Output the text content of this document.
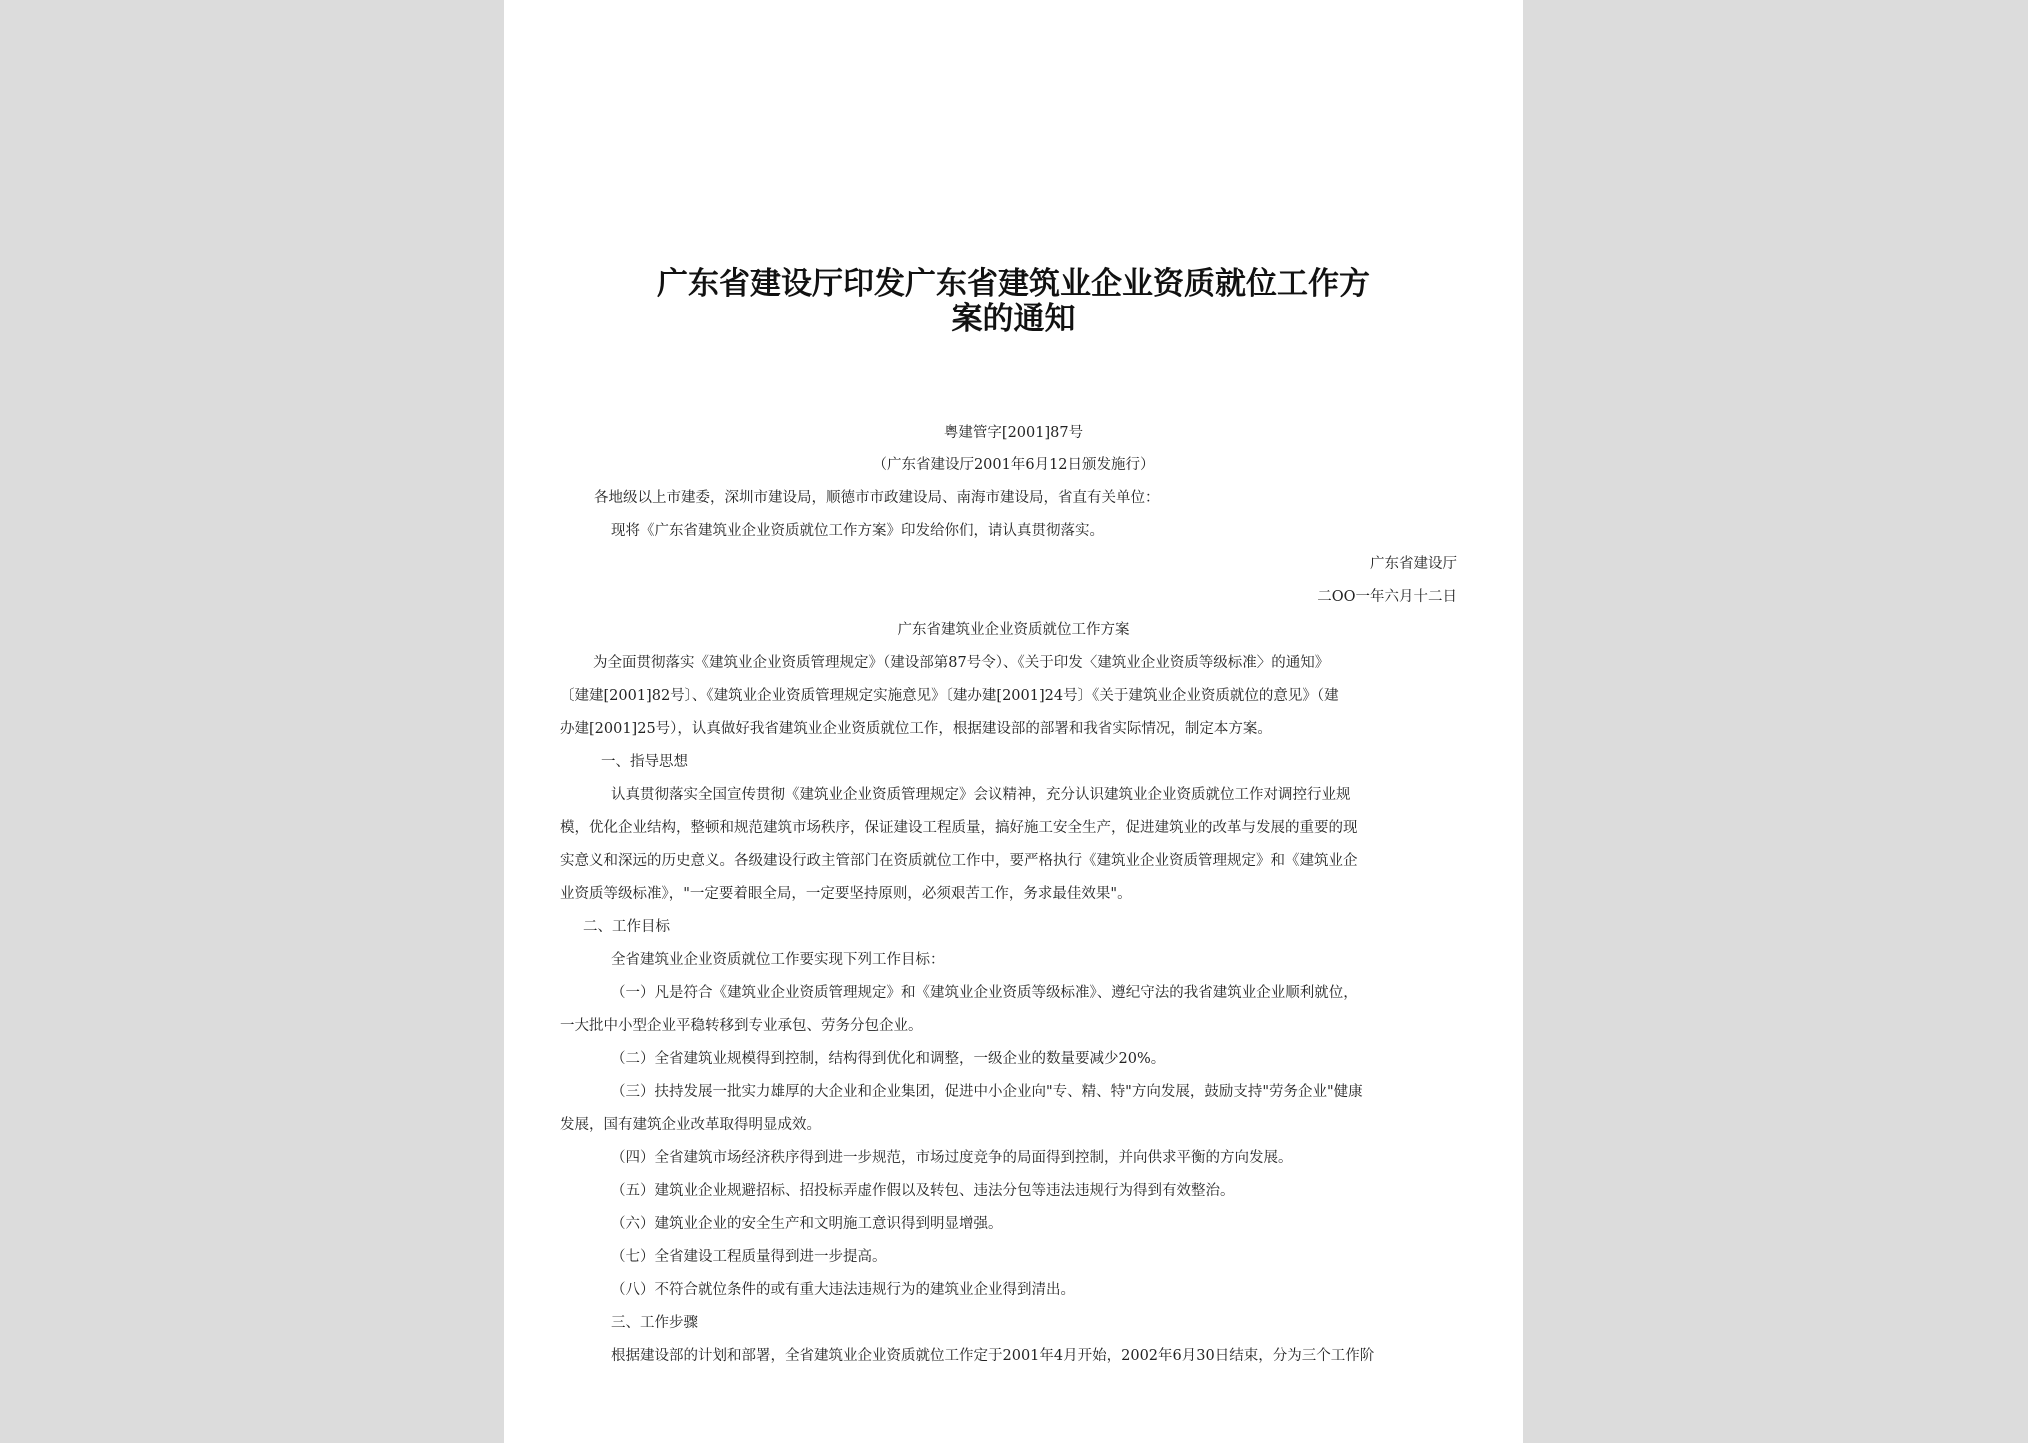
广东省建设厅印发广东省建筑业企业资质就位工作方
案的通知
粤建管字[2001]87号
（广东省建设厅2001年6月12日颁发施行）
各地级以上市建委，深圳市建设局，顺德市市政建设局、南海市建设局，省直有关单位：
现将《广东省建筑业企业资质就位工作方案》印发给你们，请认真贯彻落实。
广东省建设厅
二OO一年六月十二日
广东省建筑业企业资质就位工作方案
为全面贯彻落实《建筑业企业资质管理规定》（建设部第87号令）、《关于印发〈建筑业企业资质等级标准〉的通知》
〔建建[2001]82号〕、《建筑业企业资质管理规定实施意见》〔建办建[2001]24号〕《关于建筑业企业资质就位的意见》（建
办建[2001]25号），认真做好我省建筑业企业资质就位工作，根据建设部的部署和我省实际情况，制定本方案。
一、指导思想
认真贯彻落实全国宣传贯彻《建筑业企业资质管理规定》会议精神，充分认识建筑业企业资质就位工作对调控行业规
模，优化企业结构，整顿和规范建筑市场秩序，保证建设工程质量，搞好施工安全生产，促进建筑业的改革与发展的重要的现
实意义和深远的历史意义。各级建设行政主管部门在资质就位工作中，要严格执行《建筑业企业资质管理规定》和《建筑业企
业资质等级标准》，"一定要着眼全局，一定要坚持原则，必须艰苦工作，务求最佳效果"。
二、工作目标
全省建筑业企业资质就位工作要实现下列工作目标：
（一）凡是符合《建筑业企业资质管理规定》和《建筑业企业资质等级标准》、遵纪守法的我省建筑业企业顺利就位，
一大批中小型企业平稳转移到专业承包、劳务分包企业。
（二）全省建筑业规模得到控制，结构得到优化和调整，一级企业的数量要减少20%。
（三）扶持发展一批实力雄厚的大企业和企业集团，促进中小企业向"专、精、特"方向发展，鼓励支持"劳务企业"健康
发展，国有建筑企业改革取得明显成效。
（四）全省建筑市场经济秩序得到进一步规范，市场过度竞争的局面得到控制，并向供求平衡的方向发展。
（五）建筑业企业规避招标、招投标弄虚作假以及转包、违法分包等违法违规行为得到有效整治。
（六）建筑业企业的安全生产和文明施工意识得到明显增强。
（七）全省建设工程质量得到进一步提高。
（八）不符合就位条件的或有重大违法违规行为的建筑业企业得到清出。
三、工作步骤
根据建设部的计划和部署，全省建筑业企业资质就位工作定于2001年4月开始，2002年6月30日结束，分为三个工作阶
